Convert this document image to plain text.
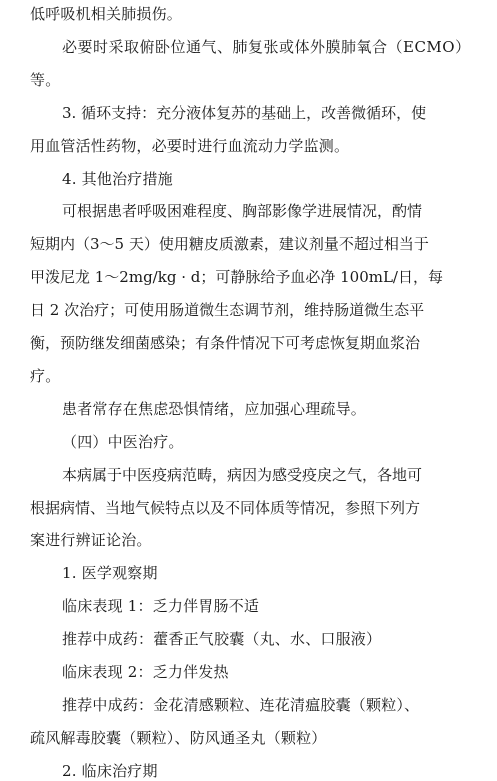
低呼吸机相关肺损伤。
必要时采取俯卧位通气、肺复张或体外膜肺氧合（ECMO）
等。
3. 循环支持：充分液体复苏的基础上，改善微循环，使
用血管活性药物，必要时进行血流动力学监测。
4. 其他治疗措施
可根据患者呼吸困难程度、胸部影像学进展情况，酌情
短期内（3～5 天）使用糖皮质激素，建议剂量不超过相当于
甲泼尼龙 1～2mg/kg · d；可静脉给予血必净 100mL/日，每
日 2 次治疗；可使用肠道微生态调节剂，维持肠道微生态平
衡，预防继发细菌感染；有条件情况下可考虑恢复期血浆治
疗。
患者常存在焦虑恐惧情绪，应加强心理疏导。
（四）中医治疗。
本病属于中医疫病范畴，病因为感受疫戾之气，各地可
根据病情、当地气候特点以及不同体质等情况，参照下列方
案进行辨证论治。
1. 医学观察期
临床表现 1：乏力伴胃肠不适
推荐中成药：藿香正气胶囊（丸、水、口服液）
临床表现 2：乏力伴发热
推荐中成药：金花清感颗粒、连花清瘟胶囊（颗粒）、
疏风解毒胶囊（颗粒）、防风通圣丸（颗粒）
2. 临床治疗期
